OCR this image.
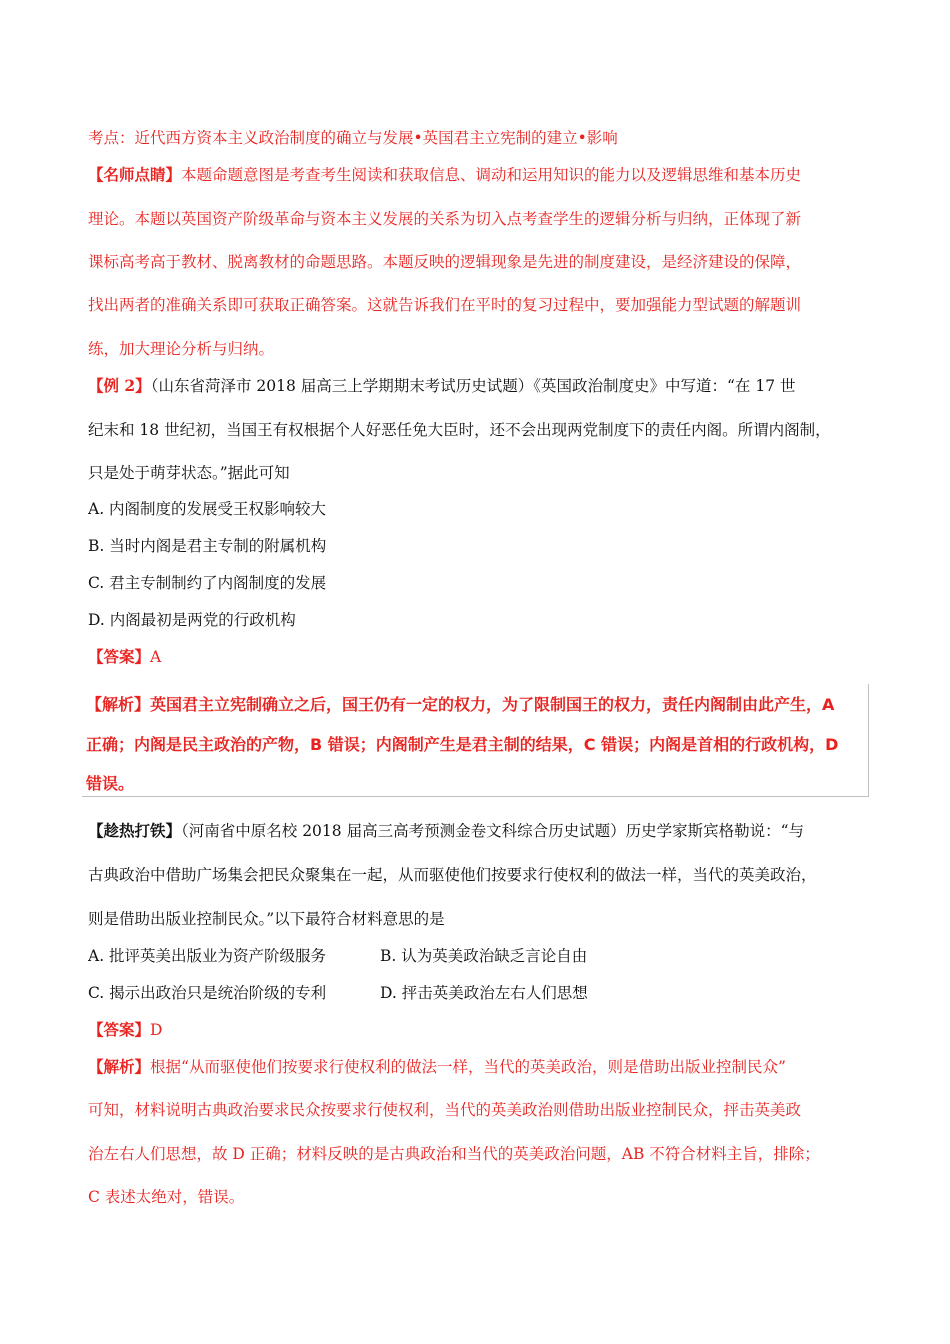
考点：近代西方资本主义政治制度的确立与发展•英国君主立宪制的建立•影响
【名师点睛】本题命题意图是考查考生阅读和获取信息、调动和运用知识的能力以及逻辑思维和基本历史
理论。本题以英国资产阶级革命与资本主义发展的关系为切入点考查学生的逻辑分析与归纳，正体现了新
课标高考高于教材、脱离教材的命题思路。本题反映的逻辑现象是先进的制度建设，是经济建设的保障，
找出两者的准确关系即可获取正确答案。这就告诉我们在平时的复习过程中，要加强能力型试题的解题训
练，加大理论分析与归纳。
【例 2】（山东省菏泽市 2018 届高三上学期期末考试历史试题）《英国政治制度史》中写道：“在 17 世
纪末和 18 世纪初，当国王有权根据个人好恶任免大臣时，还不会出现两党制度下的责任内阁。所谓内阁制，
只是处于萌芽状态。”据此可知
A. 内阁制度的发展受王权影响较大
B. 当时内阁是君主专制的附属机构
C. 君主专制制约了内阁制度的发展
D. 内阁最初是两党的行政机构
【答案】A
【解析】英国君主立宪制确立之后，国王仍有一定的权力，为了限制国王的权力，责任内阁制由此产生，A
正确；内阁是民主政治的产物，B 错误；内阁制产生是君主制的结果，C 错误；内阁是首相的行政机构，D
错误。
【趁热打铁】（河南省中原名校 2018 届高三高考预测金卷文科综合历史试题）历史学家斯宾格勒说：“与
古典政治中借助广场集会把民众聚集在一起，从而驱使他们按要求行使权利的做法一样，当代的英美政治，
则是借助出版业控制民众。”以下最符合材料意思的是
A. 批评英美出版业为资产阶级服务	B. 认为英美政治缺乏言论自由
C. 揭示出政治只是统治阶级的专利	D. 抨击英美政治左右人们思想
【答案】D
【解析】根据“从而驱使他们按要求行使权利的做法一样，当代的英美政治，则是借助出版业控制民众”
可知，材料说明古典政治要求民众按要求行使权利，当代的英美政治则借助出版业控制民众，抨击英美政
治左右人们思想，故 D 正确；材料反映的是古典政治和当代的英美政治问题，AB 不符合材料主旨，排除；
C 表述太绝对，错误。
